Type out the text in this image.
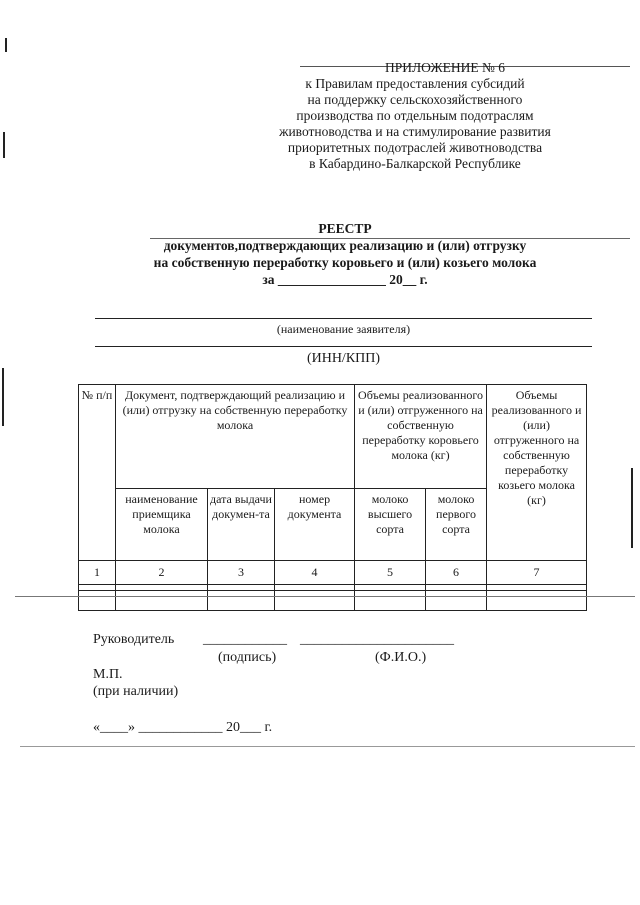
ПРИЛОЖЕНИЕ № 6
к Правилам предоставления субсидий
на поддержку сельскохозяйственного
производства по отдельным подотраслям
животноводства и на стимулирование развития
приоритетных подотраслей животноводства
в Кабардино-Балкарской Республике
РЕЕСТР
документов,подтверждающих реализацию и (или) отгрузку
на собственную переработку коровьего и (или) козьего молока
за ________________ 20__ г.
(наименование заявителя)
(ИНН/КПП)
№ п/п	Документ, подтверждающий реализацию и (или) отгрузку на собственную переработку молока			Объемы реализованного и (или) отгруженного на собственную переработку коровьего молока (кг)		Объемы реализованного и (или) отгруженного на собственную переработку козьего молока (кг)
	наименование приемщика молока	дата выдачи докумен-та	номер документа	молоко высшего сорта	молоко первого сорта	
1	2	3	4	5	6	7

Руководитель ____________ ______________________
(подпись)	(Ф.И.О.)
М.П.
(при наличии)
«____» ____________ 20___ г.
